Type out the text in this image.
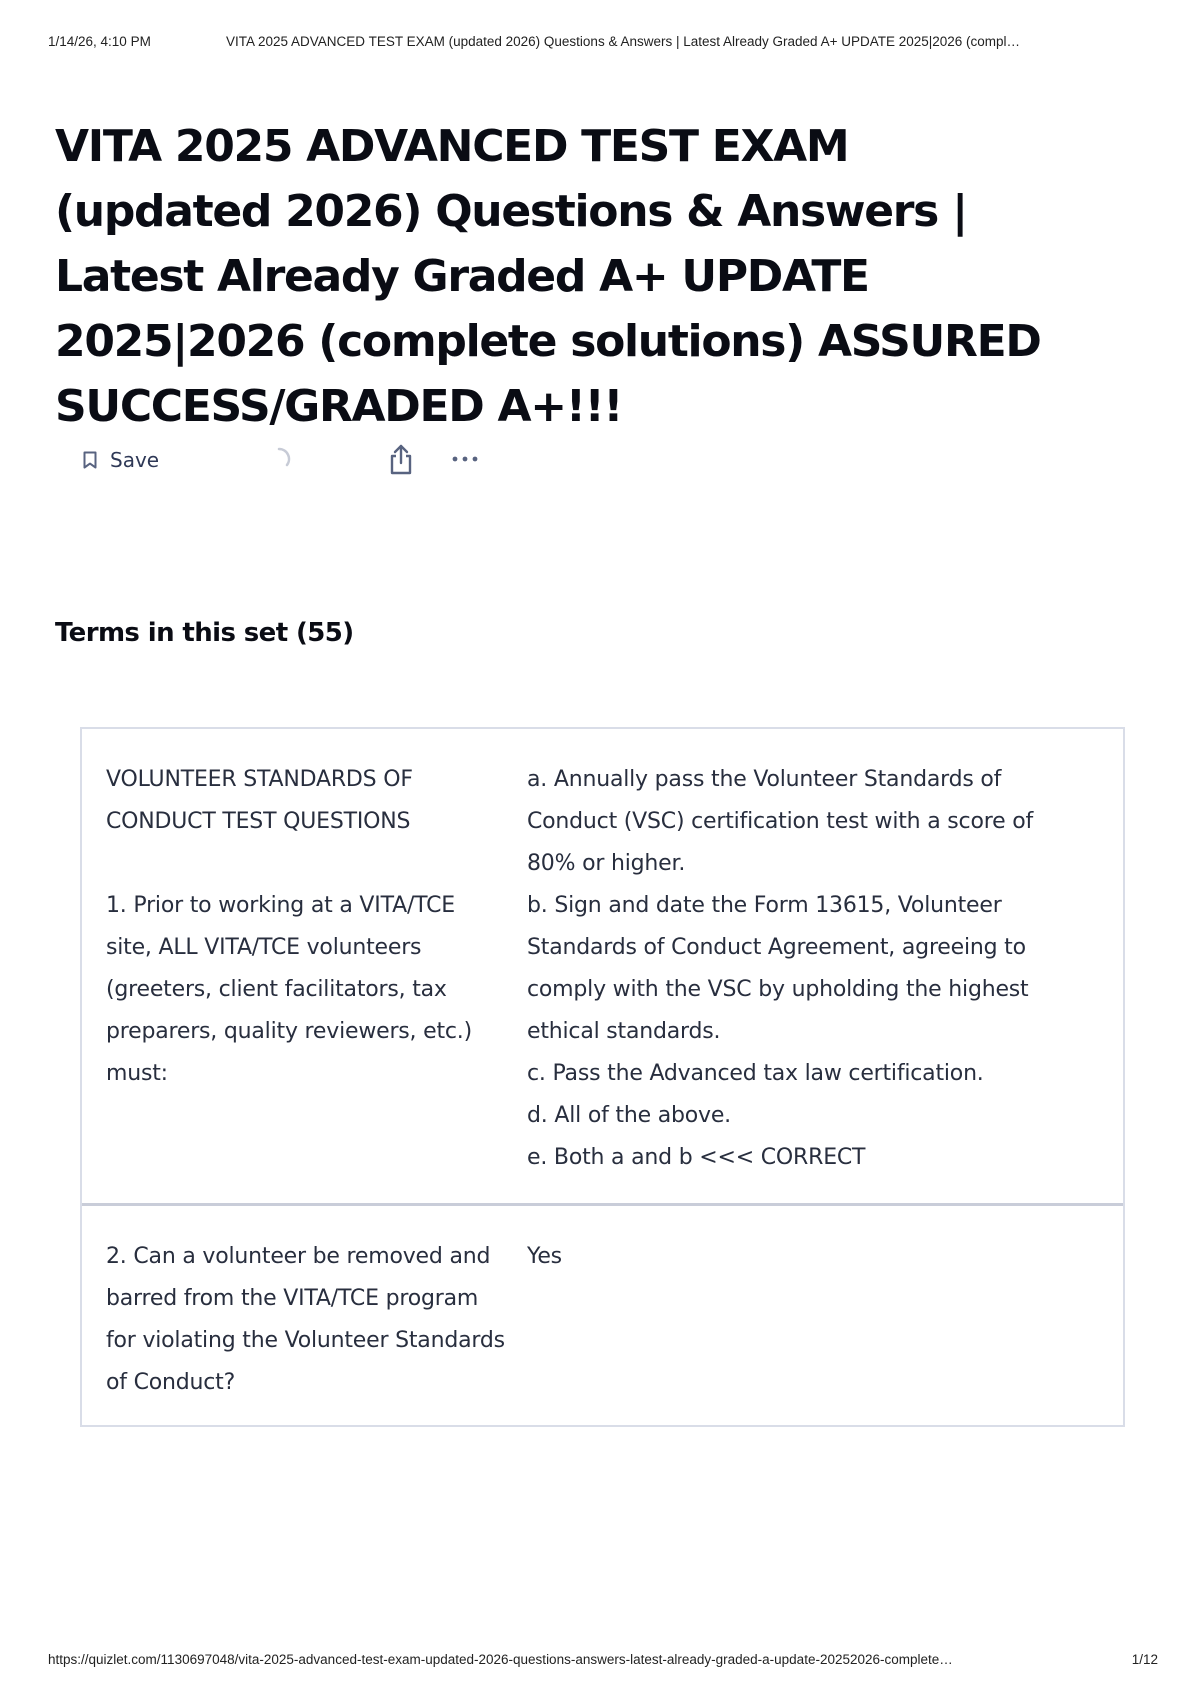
1/14/26, 4:10 PM	VITA 2025 ADVANCED TEST EXAM (updated 2026) Questions & Answers | Latest Already Graded A+ UPDATE 2025|2026 (compl…
VITA 2025 ADVANCED TEST EXAM (updated 2026) Questions & Answers | Latest Already Graded A+ UPDATE 2025|2026 (complete solutions) ASSURED SUCCESS/GRADED A+!!!
Save
Terms in this set (55)
VOLUNTEER STANDARDS OF CONDUCT TEST QUESTIONS

1. Prior to working at a VITA/TCE site, ALL VITA/TCE volunteers (greeters, client facilitators, tax preparers, quality reviewers, etc.) must:
a. Annually pass the Volunteer Standards of Conduct (VSC) certification test with a score of 80% or higher.
b. Sign and date the Form 13615, Volunteer Standards of Conduct Agreement, agreeing to comply with the VSC by upholding the highest ethical standards.
c. Pass the Advanced tax law certification.
d. All of the above.
e. Both a and b <<< CORRECT
2. Can a volunteer be removed and barred from the VITA/TCE program for violating the Volunteer Standards of Conduct?
Yes
https://quizlet.com/1130697048/vita-2025-advanced-test-exam-updated-2026-questions-answers-latest-already-graded-a-update-20252026-complete…	1/12
